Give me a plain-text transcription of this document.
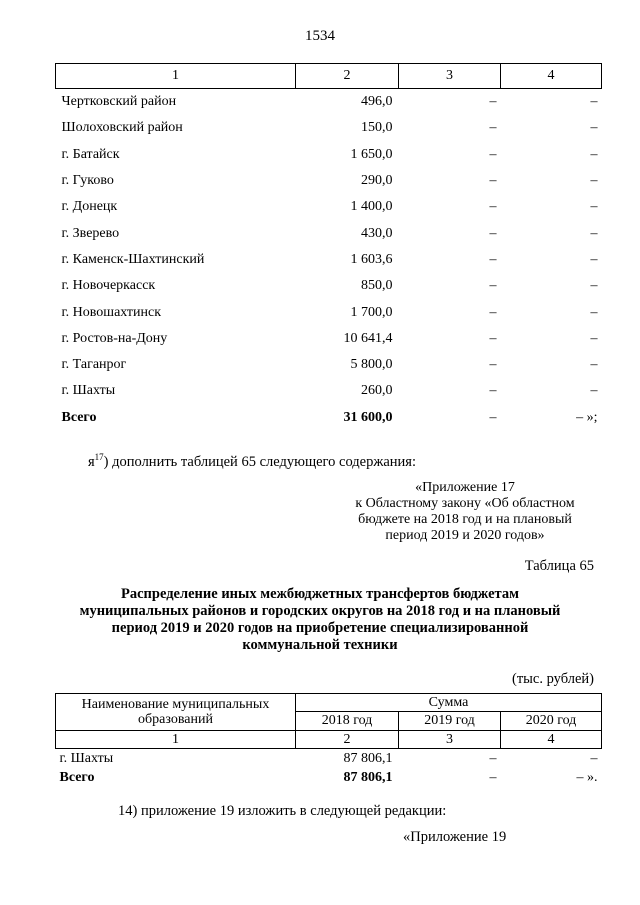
1534
1	2	3	4
Чертковский район	496,0	–	–
Шолоховский район	150,0	–	–
г. Батайск	1 650,0	–	–
г. Гуково	290,0	–	–
г. Донецк	1 400,0	–	–
г. Зверево	430,0	–	–
г. Каменск-Шахтинский	1 603,6	–	–
г. Новочеркасск	850,0	–	–
г. Новошахтинск	1 700,0	–	–
г. Ростов-на-Дону	10 641,4	–	–
г. Таганрог	5 800,0	–	–
г. Шахты	260,0	–	–
Всего	31 600,0	–	– »;
$я^{17}$) дополнить таблицей 65 следующего содержания:
«Приложение 17
к Областному закону «Об областном
бюджете на 2018 год и на плановый
период 2019 и 2020 годов»
Таблица 65
Распределение иных межбюджетных трансфертов бюджетам
муниципальных районов и городских округов на 2018 год и на плановый
период 2019 и 2020 годов на приобретение специализированной
коммунальной техники
(тыс. рублей)
Наименование муниципальных образований	Сумма		
	2018 год	2019 год	2020 год
1	2	3	4
г. Шахты	87 806,1	–	–
Всего	87 806,1	–	– ».
14) приложение 19 изложить в следующей редакции:
«Приложение 19
